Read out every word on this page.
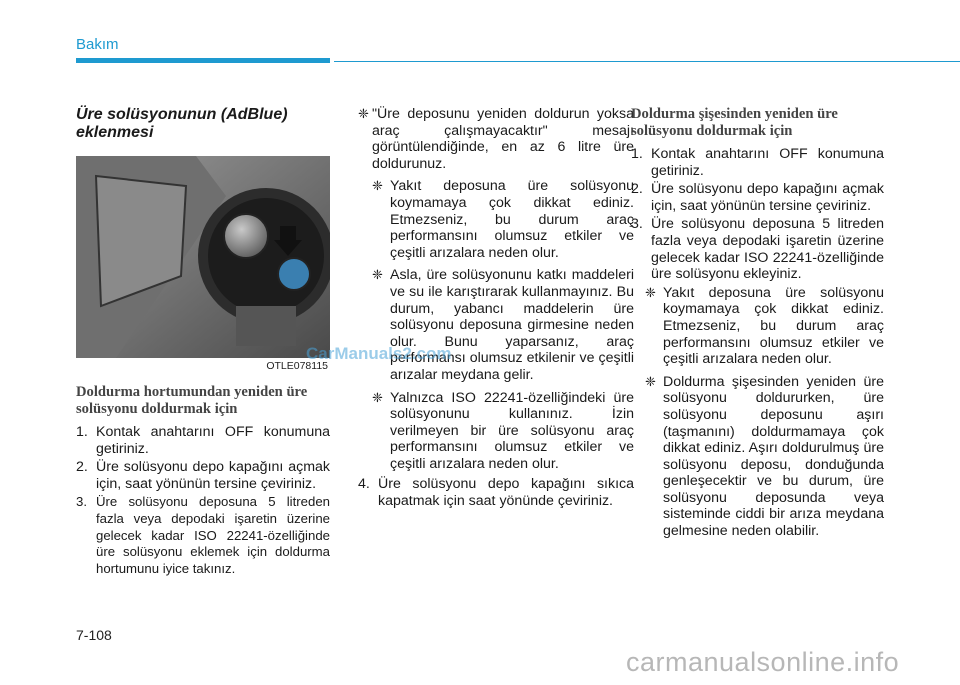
Bakım
Üre solüsyonunun (AdBlue) eklenmesi
OTLE078115
Doldurma hortumundan yeniden üre solüsyonu doldurmak için
1. Kontak anahtarını OFF konumuna getiriniz.
2. Üre solüsyonu depo kapağını açmak için, saat yönünün tersine çeviriniz.
3. Üre solüsyonu deposuna 5 litreden fazla veya depodaki işaretin üzerine gelecek kadar ISO 22241-özelliğinde üre solüsyonu eklemek için doldurma hortumunu iyice takınız.
❈ "Üre deposunu yeniden doldurun yoksa araç çalışmayacaktır" mesajı görüntülendiğinde, en az 6 litre üre doldurunuz.
❈ Yakıt deposuna üre solüsyonu koymamaya çok dikkat ediniz. Etmezseniz, bu durum araç performansını olumsuz etkiler ve çeşitli arızalara neden olur.
❈ Asla, üre solüsyonunu katkı maddeleri ve su ile karıştırarak kullanmayınız. Bu durum, yabancı maddelerin üre solüsyonu deposuna girmesine neden olur. Bunu yaparsanız, araç performansı olumsuz etkilenir ve çeşitli arızalar meydana gelir.
❈ Yalnızca ISO 22241-özelliğindeki üre solüsyonunu kullanınız. İzin verilmeyen bir üre solüsyonu araç performansını olumsuz etkiler ve çeşitli arızalara neden olur.
4. Üre solüsyonu depo kapağını sıkıca kapatmak için saat yönünde çeviriniz.
Doldurma şişesinden yeniden üre solüsyonu doldurmak için
1. Kontak anahtarını OFF konumuna getiriniz.
2. Üre solüsyonu depo kapağını açmak için, saat yönünün tersine çeviriniz.
3. Üre solüsyonu deposuna 5 litreden fazla veya depodaki işaretin üzerine gelecek kadar ISO 22241-özelliğinde üre solüsyonu ekleyiniz.
❈ Yakıt deposuna üre solüsyonu koymamaya çok dikkat ediniz. Etmezseniz, bu durum araç performansını olumsuz etkiler ve çeşitli arızalara neden olur.
❈ Doldurma şişesinden yeniden üre solüsyonu doldururken, üre solüsyonu deposunu aşırı (taşmanını) doldurmamaya çok dikkat ediniz. Aşırı doldurulmuş üre solüsyonu deposu, donduğunda genleşecektir ve bu durum, üre solüsyonu deposunda veya sisteminde ciddi bir arıza meydana gelmesine neden olabilir.
CarManuals2.com
7-108
carmanualsonline.info
